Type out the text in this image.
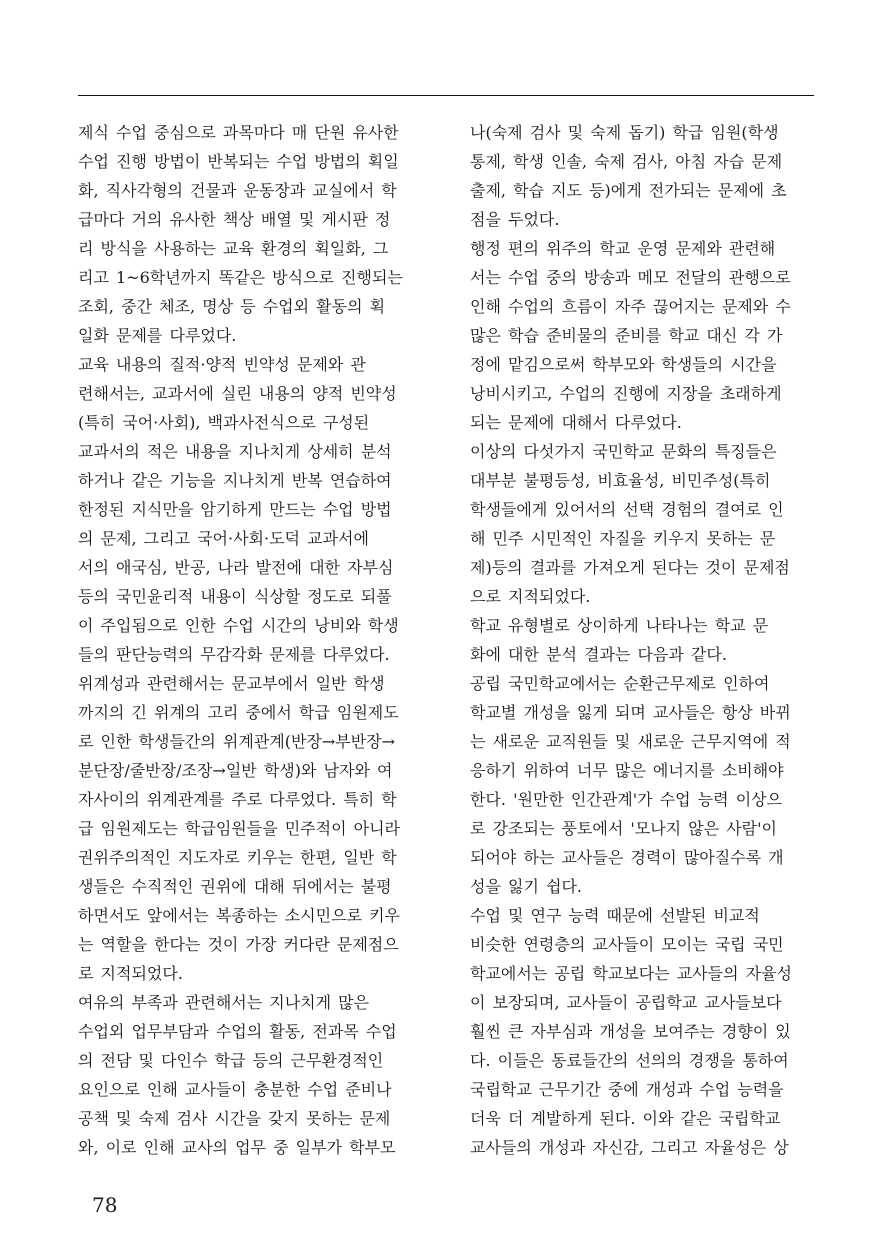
제식 수업 중심으로 과목마다 매 단원 유사한
수업 진행 방법이 반복되는 수업 방법의 획일
화, 직사각형의 건물과 운동장과 교실에서 학
급마다 거의 유사한 책상 배열 및 게시판 정
리 방식을 사용하는 교육 환경의 획일화, 그
리고 1~6학년까지 똑같은 방식으로 진행되는
조회, 중간 체조, 명상 등 수업외 활동의 획
일화 문제를 다루었다.
교육 내용의 질적·양적 빈약성 문제와 관
련해서는, 교과서에 실린 내용의 양적 빈약성
(특히 국어·사회), 백과사전식으로 구성된
교과서의 적은 내용을 지나치게 상세히 분석
하거나 같은 기능을 지나치게 반복 연습하여
한정된 지식만을 암기하게 만드는 수업 방법
의 문제, 그리고 국어·사회·도덕 교과서에
서의 애국심, 반공, 나라 발전에 대한 자부심
등의 국민윤리적 내용이 식상할 정도로 되풀
이 주입됨으로 인한 수업 시간의 낭비와 학생
들의 판단능력의 무감각화 문제를 다루었다.
위계성과 관련해서는 문교부에서 일반 학생
까지의 긴 위계의 고리 중에서 학급 임원제도
로 인한 학생들간의 위계관계(반장→부반장→
분단장/줄반장/조장→일반 학생)와 남자와 여
자사이의 위계관계를 주로 다루었다. 특히 학
급 임원제도는 학급임원들을 민주적이 아니라
권위주의적인 지도자로 키우는 한편, 일반 학
생들은 수직적인 권위에 대해 뒤에서는 불평
하면서도 앞에서는 복종하는 소시민으로 키우
는 역할을 한다는 것이 가장 커다란 문제점으
로 지적되었다.
여유의 부족과 관련해서는 지나치게 많은
수업외 업무부담과 수업의 활동, 전과목 수업
의 전담 및 다인수 학급 등의 근무환경적인
요인으로 인해 교사들이 충분한 수업 준비나
공책 및 숙제 검사 시간을 갖지 못하는 문제
와, 이로 인해 교사의 업무 중 일부가 학부모
나(숙제 검사 및 숙제 돕기) 학급 임원(학생
통제, 학생 인솔, 숙제 검사, 아침 자습 문제
출제, 학습 지도 등)에게 전가되는 문제에 초
점을 두었다.
행정 편의 위주의 학교 운영 문제와 관련해
서는 수업 중의 방송과 메모 전달의 관행으로
인해 수업의 흐름이 자주 끊어지는 문제와 수
많은 학습 준비물의 준비를 학교 대신 각 가
정에 맡김으로써 학부모와 학생들의 시간을
낭비시키고, 수업의 진행에 지장을 초래하게
되는 문제에 대해서 다루었다.
이상의 다섯가지 국민학교 문화의 특징들은
대부분 불평등성, 비효율성, 비민주성(특히
학생들에게 있어서의 선택 경험의 결여로 인
해 민주 시민적인 자질을 키우지 못하는 문
제)등의 결과를 가져오게 된다는 것이 문제점
으로 지적되었다.
학교 유형별로 상이하게 나타나는 학교 문
화에 대한 분석 결과는 다음과 같다.
공립 국민학교에서는 순환근무제로 인하여
학교별 개성을 잃게 되며 교사들은 항상 바뀌
는 새로운 교직원들 및 새로운 근무지역에 적
응하기 위하여 너무 많은 에너지를 소비해야
한다. '원만한 인간관계'가 수업 능력 이상으
로 강조되는 풍토에서 '모나지 않은 사람'이
되어야 하는 교사들은 경력이 많아질수록 개
성을 잃기 쉽다.
수업 및 연구 능력 때문에 선발된 비교적
비슷한 연령층의 교사들이 모이는 국립 국민
학교에서는 공립 학교보다는 교사들의 자율성
이 보장되며, 교사들이 공립학교 교사들보다
훨씬 큰 자부심과 개성을 보여주는 경향이 있
다. 이들은 동료들간의 선의의 경쟁을 통하여
국립학교 근무기간 중에 개성과 수업 능력을
더욱 더 계발하게 된다. 이와 같은 국립학교
교사들의 개성과 자신감, 그리고 자율성은 상
78
